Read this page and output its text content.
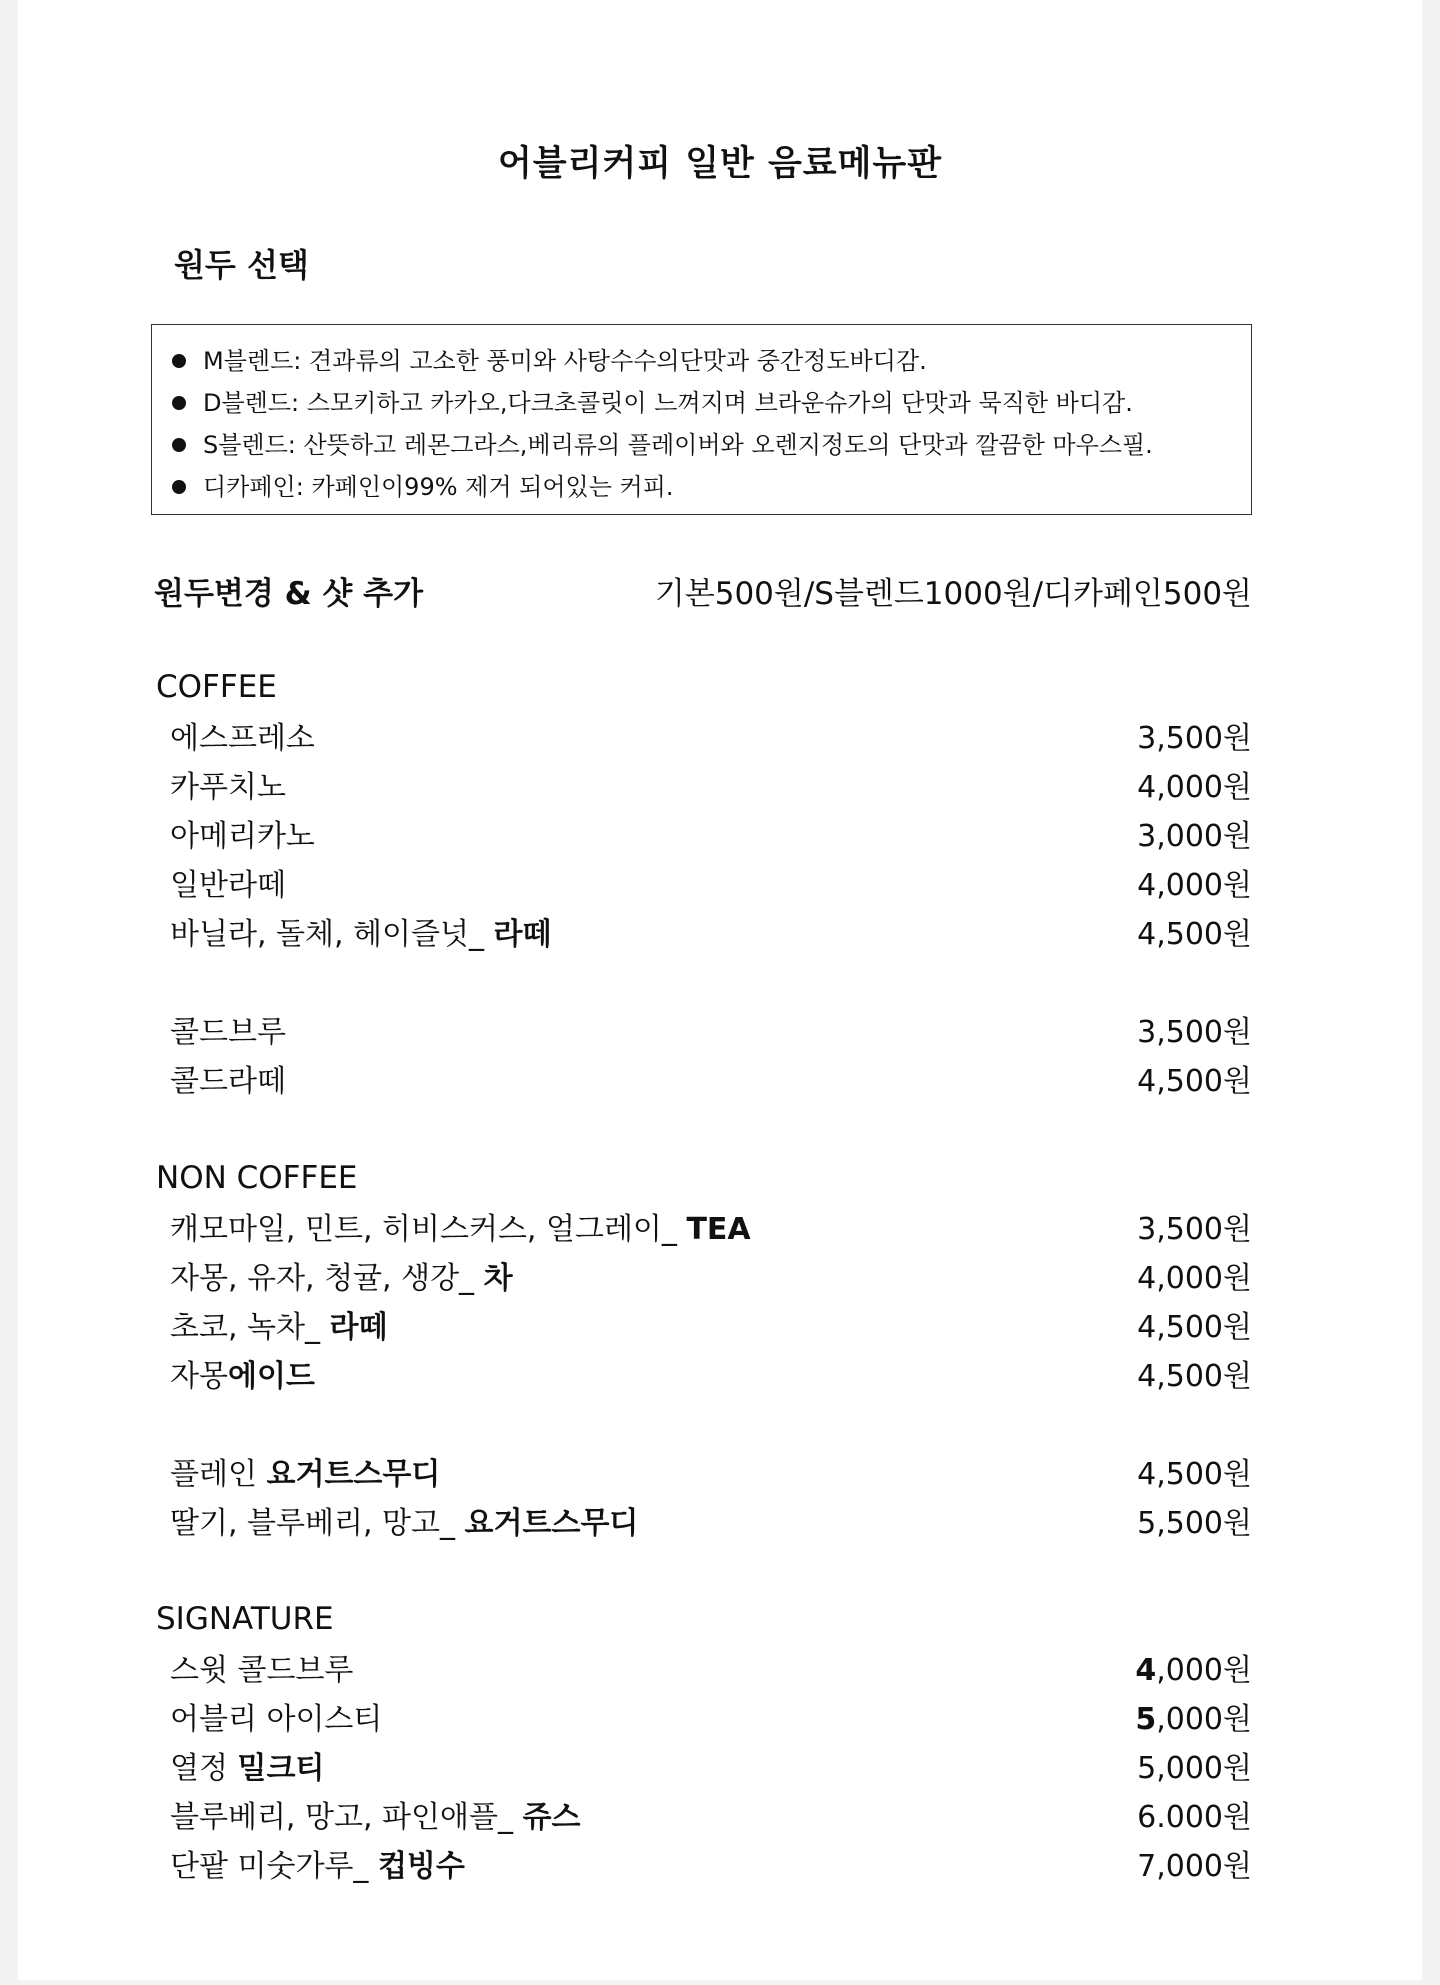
어블리커피 일반 음료메뉴판
원두 선택
M블렌드: 견과류의 고소한 풍미와 사탕수수의단맛과 중간정도바디감.
D블렌드: 스모키하고 카카오,다크초콜릿이 느껴지며 브라운슈가의 단맛과 묵직한 바디감.
S블렌드: 산뜻하고 레몬그라스,베리류의 플레이버와 오렌지정도의 단맛과 깔끔한 마우스필.
디카페인: 카페인이99% 제거 되어있는 커피.
원두변경 & 샷 추가	기본500원/S블렌드1000원/디카페인500원
COFFEE
에스프레소	3,500원
카푸치노	4,000원
아메리카노	3,000원
일반라떼	4,000원
바닐라, 돌체, 헤이즐넛_ 라떼	4,500원
콜드브루	3,500원
콜드라떼	4,500원
NON COFFEE
캐모마일, 민트, 히비스커스, 얼그레이_ TEA	3,500원
자몽, 유자, 청귤, 생강_ 차	4,000원
초코, 녹차_ 라떼	4,500원
자몽에이드	4,500원
플레인 요거트스무디	4,500원
딸기, 블루베리, 망고_ 요거트스무디	5,500원
SIGNATURE
스윗 콜드브루	4,000원
어블리 아이스티	5,000원
열정 밀크티	5,000원
블루베리, 망고, 파인애플_ 쥬스	6.000원
단팥 미숫가루_ 컵빙수	7,000원
